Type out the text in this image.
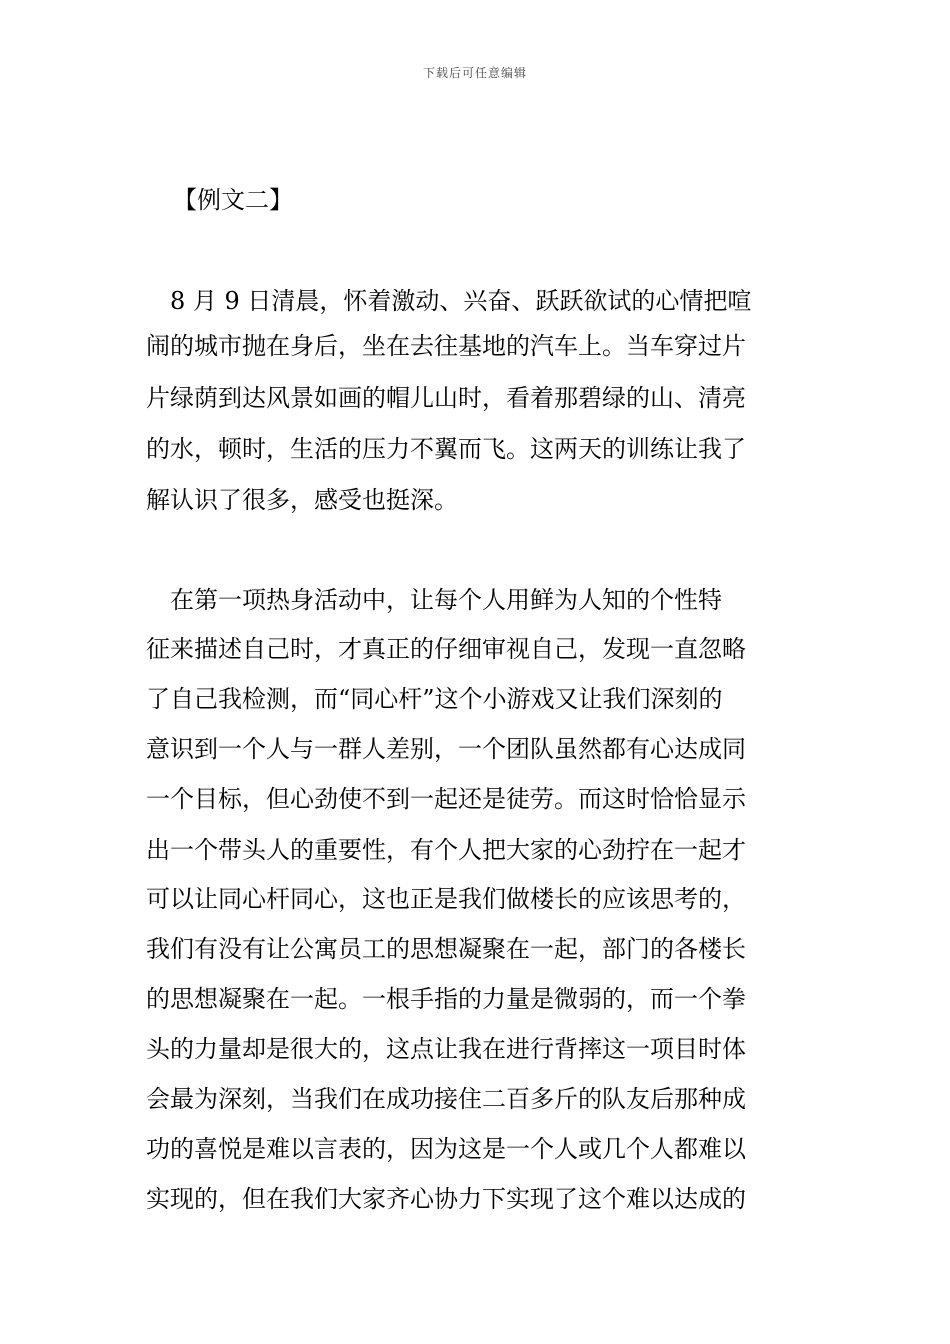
下载后可任意编辑
【例文二】
　8 月 9 日清晨，怀着激动、兴奋、跃跃欲试的心情把喧
闹的城市抛在身后，坐在去往基地的汽车上。当车穿过片
片绿荫到达风景如画的帽儿山时，看着那碧绿的山、清亮
的水，顿时，生活的压力不翼而飞。这两天的训练让我了
解认识了很多，感受也挺深。
　在第一项热身活动中，让每个人用鲜为人知的个性特
征来描述自己时，才真正的仔细审视自己，发现一直忽略
了自己我检测，而“同心杆”这个小游戏又让我们深刻的
意识到一个人与一群人差别，一个团队虽然都有心达成同
一个目标，但心劲使不到一起还是徒劳。而这时恰恰显示
出一个带头人的重要性，有个人把大家的心劲拧在一起才
可以让同心杆同心，这也正是我们做楼长的应该思考的，
我们有没有让公寓员工的思想凝聚在一起，部门的各楼长
的思想凝聚在一起。一根手指的力量是微弱的，而一个拳
头的力量却是很大的，这点让我在进行背摔这一项目时体
会最为深刻，当我们在成功接住二百多斤的队友后那种成
功的喜悦是难以言表的，因为这是一个人或几个人都难以
实现的，但在我们大家齐心协力下实现了这个难以达成的
